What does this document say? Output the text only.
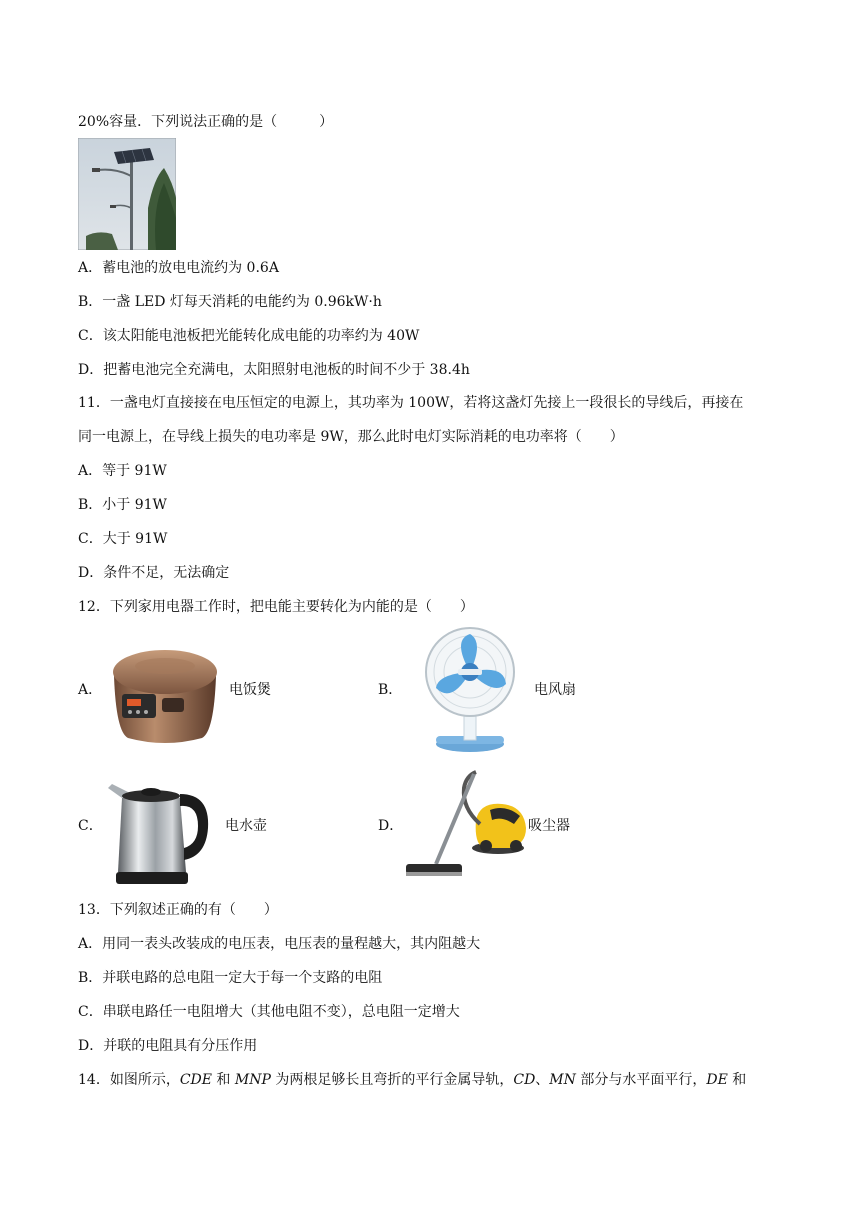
20%容量．下列说法正确的是（　　　）
A．蓄电池的放电电流约为 0.6A
B．一盏 LED 灯每天消耗的电能约为 0.96kW·h
C．该太阳能电池板把光能转化成电能的功率约为 40W
D．把蓄电池完全充满电，太阳照射电池板的时间不少于 38.4h
11．一盏电灯直接接在电压恒定的电源上，其功率为 100W，若将这盏灯先接上一段很长的导线后，再接在
同一电源上，在导线上损失的电功率是 9W，那么此时电灯实际消耗的电功率将（　　）
A．等于 91W
B．小于 91W
C．大于 91W
D．条件不足，无法确定
12．下列家用电器工作时，把电能主要转化为内能的是（　　）
A．	电饭煲	B．	电风扇
C．	电水壶	D．	吸尘器
13．下列叙述正确的有（　　）
A．用同一表头改装成的电压表，电压表的量程越大，其内阻越大
B．并联电路的总电阻一定大于每一个支路的电阻
C．串联电路任一电阻增大（其他电阻不变），总电阻一定增大
D．并联的电阻具有分压作用
14．如图所示，CDE 和 MNP 为两根足够长且弯折的平行金属导轨，CD、MN 部分与水平面平行，DE 和
